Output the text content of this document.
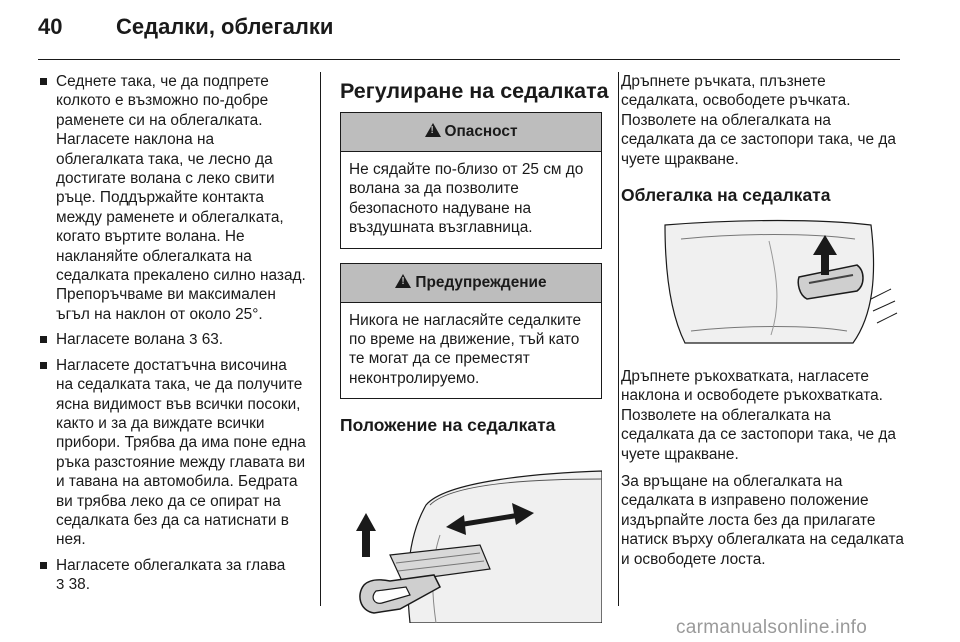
40 Седалки, облегалки
Седнете така, че да подпрете колкото е възможно по-добре раменете си на облегалката. Нагласете наклона на облегалката така, че лесно да достигате волана с леко свити ръце. Поддържайте контакта между раменете и облегалката, когато въртите волана. Не накланяйте облегалката на седалката прекалено силно назад. Препоръчваме ви максимален ъгъл на наклон от около 25°.
Нагласете волана 3 63.
Нагласете достатъчна височина на седалката така, че да получите ясна видимост във всички посоки, както и за да виждате всички прибори. Трябва да има поне една ръка разстояние между главата ви и тавана на автомобила. Бедрата ви трябва леко да се опират на седалката без да са натиснати в нея.
Нагласете облегалката за глава
3 38.
Регулиране на седалката
!Опасност
Не сядайте по-близо от 25 см до волана за да позволите безопасното надуване на въздушната възглавница.
!Предупреждение
Никога не нагласяйте седалките по време на движение, тъй като те могат да се преместят неконтролируемо.
Положение на седалката

Дръпнете ръчката, плъзнете седалката, освободете ръчката. Позволете на облегалката на седалката да се застопори така, че да чуете щракване.

Облегалка на седалката

Дръпнете ръкохватката, нагласете наклона и освободете ръкохватката. Позволете на облегалката на седалката да се застопори така, че да чуете щракване.

За връщане на облегалката на седалката в изправено положение издърпайте лоста без да прилагате натиск върху облегалката на седалката и освободете лоста.

carmanualsonline.info
